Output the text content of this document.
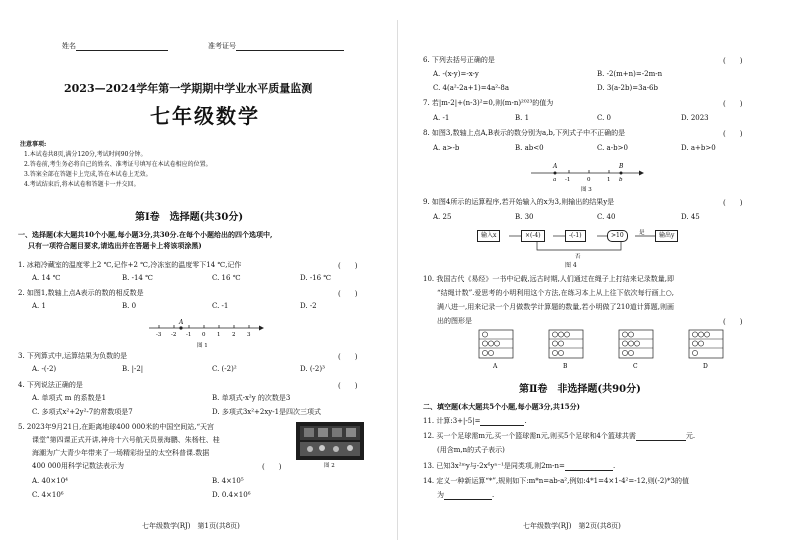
姓名	准考证号
2023—2024学年第一学期期中学业水平质量监测
七年级数学
注意事项:
1.本试卷共8页,满分120分,考试时间90分钟。
2.答卷前,考生务必将自己的姓名、准考证号填写在本试卷相应的位置。
3.答案全部在答题卡上完成,答在本试卷上无效。
4.考试结束后,将本试卷和答题卡一并交回。
第Ⅰ卷　选择题(共30分)
一、选择题(本大题共10个小题,每小题3分,共30分.在每个小题给出的四个选项中,
只有一项符合题目要求,请选出并在答题卡上将该项涂黑)
1. 冰箱冷藏室的温度零上2 ℃,记作+2 ℃,冷冻室的温度零下14 ℃,记作	(　　)
A. 14 ℃	B. -14 ℃	C. 16 ℃	D. -16 ℃
2. 如图1,数轴上点A表示的数的相反数是	(　　)
A. 1	B. 0	C. -1	D. -2
A
-3 -2 -1 0 1 2 3
图 1
3. 下列算式中,运算结果为负数的是	(　　)
A. -(-2)	B. |-2|	C. (-2)²	D. (-2)³
4. 下列说法正确的是	(　　)
A. 单项式 m 的系数是1	B. 单项式-x²y 的次数是3
C. 多项式x²+2y²-7的常数项是7	D. 多项式3x²+2xy-1是四次三项式
5. 2023年9月21日,在距离地球400 000米的中国空间站,“天宫
课堂”第四课正式开讲,神舟十六号航天员景海鹏、朱杨柱、桂
海潮为广大青少年带来了一场精彩纷呈的太空科普课.数据
400 000用科学记数法表示为	(　　)
A. 40×10⁴	B. 4×10⁵
C. 4×10⁶	D. 0.4×10⁶
图 2
七年级数学(RJ)　第1页(共8页)
6. 下列去括号正确的是	(　　)
A. -(x-y)=-x-y	B. -2(m+n)=-2m-n
C. 4(a²-2a+1)=4a²-8a	D. 3(a-2b)=3a-6b
7. 若|m-2|+(n-3)²=0,则(m-n)²⁰²³的值为	(　　)
A. -1	B. 1	C. 0	D. 2023
8. 如图3,数轴上点A,B表示的数分别为a,b,下列式子中不正确的是	(　　)
A. a>-b	B. ab<0	C. a-b>0	D. a+b>0
A	B
a -1	0	1 b
图 3
9. 如图4所示的运算程序,若开始输入的x为3,则输出的结果y是	(　　)
A. 25	B. 30	C. 40	D. 45
是
否
输入x	×(-4)	-(-1)	>10	输出y
图 4
10. 我国古代《易经》一书中记载,远古时期,人们通过在绳子上打结来记录数量,即
“结绳计数”.爱思考的小明利用这个方法,在练习本上从上往下依次每行画上○,
满八进一,用来记录一个月做数学计算题的数量,若小明做了210道计算题,则画
出的图形是	(　　)
A	B	C	D
第Ⅱ卷　非选择题(共90分)
二、填空题(本大题共5个小题,每小题3分,共15分)
11. 计算:3+|-5|=	.
12. 买一个足球需m元,买一个篮球需n元,则买5个足球和4个篮球共需	元.
(用含m,n的式子表示)
13. 已知3x²ᵐy与-2x⁶yⁿ⁻¹是同类项,则2m-n=	.
14. 定义一种新运算“*”,规则如下:m*n=ab-a²,例如:4*1=4×1-4²=-12,则(-2)*3的值
为	.
七年级数学(RJ)　第2页(共8页)
